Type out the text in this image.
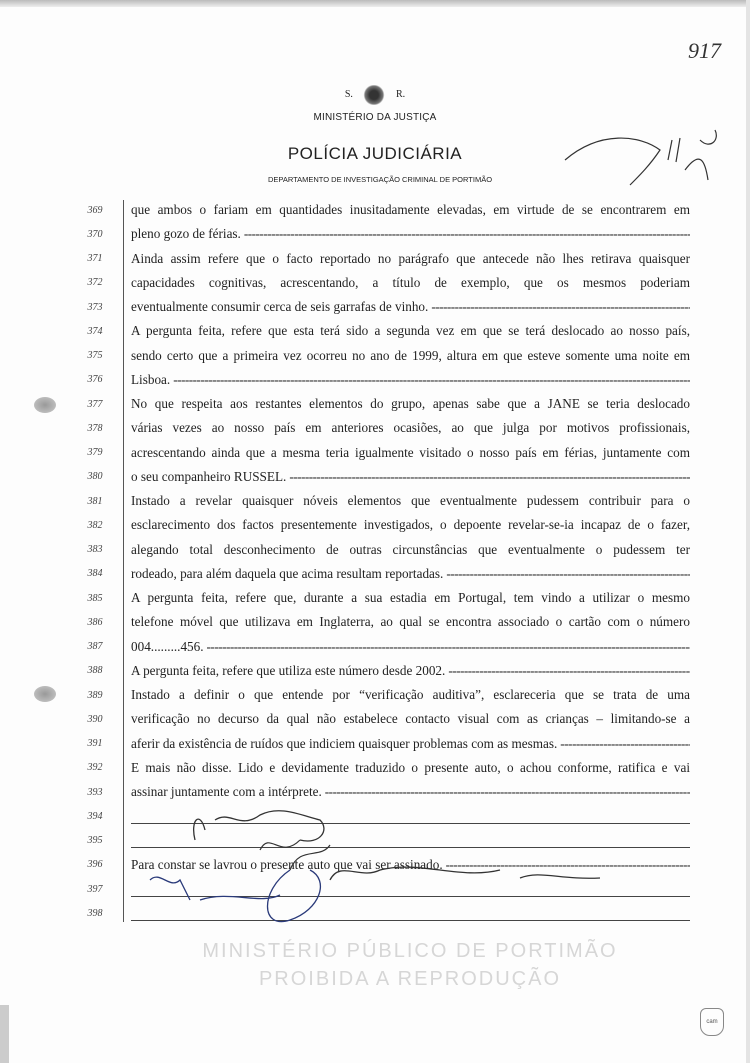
S.	R.
MINISTÉRIO DA JUSTIÇA
POLÍCIA JUDICIÁRIA
DEPARTAMENTO DE INVESTIGAÇÃO CRIMINAL DE PORTIMÃO
917
369	que ambos o fariam em quantidades inusitadamente elevadas, em virtude de se encontrarem em
370	pleno gozo de férias.
-----
371	Ainda assim refere que o facto reportado no parágrafo que antecede não lhes retirava quaisquer
372	capacidades cognitivas, acrescentando, a título de exemplo, que os mesmos poderiam
373	eventualmente consumir cerca de seis garrafas de vinho.
-----
374	A pergunta feita, refere que esta terá sido a segunda vez em que se terá deslocado ao nosso país,
375	sendo certo que a primeira vez ocorreu no ano de 1999, altura em que esteve somente uma noite em
376	Lisboa.
-----
377	No que respeita aos restantes elementos do grupo, apenas sabe que a JANE se teria deslocado
378	várias vezes ao nosso país em anteriores ocasiões, ao que julga por motivos profissionais,
379	acrescentando ainda que a mesma teria igualmente visitado o nosso país em férias, juntamente com
380	o seu companheiro RUSSEL.
-----
381	Instado a revelar quaisquer nóveis elementos que eventualmente pudessem contribuir para o
382	esclarecimento dos factos presentemente investigados, o depoente revelar-se-ia incapaz de o fazer,
383	alegando total desconhecimento de outras circunstâncias que eventualmente o pudessem ter
384	rodeado, para além daquela que acima resultam reportadas.
-----
385	A pergunta feita, refere que, durante a sua estadia em Portugal, tem vindo a utilizar o mesmo
386	telefone móvel que utilizava em Inglaterra, ao qual se encontra associado o cartão com o número
387	004.........456.
-----
388	A pergunta feita, refere que utiliza este número desde 2002.
-----
389	Instado a definir o que entende por “verificação auditiva”, esclareceria que se trata de uma
390	verificação no decurso da qual não estabelece contacto visual com as crianças – limitando-se a
391	aferir da existência de ruídos que indiciem quaisquer problemas com as mesmas.
-----
392	E mais não disse. Lido e devidamente traduzido o presente auto, o achou conforme, ratifica e vai
393	assinar juntamente com a intérprete.
-----
394
395
396	Para constar se lavrou o presente auto que vai ser assinado.
-----
397
398
MINISTÉRIO PÚBLICO DE PORTIMÃO
PROIBIDA A REPRODUÇÃO
cam
